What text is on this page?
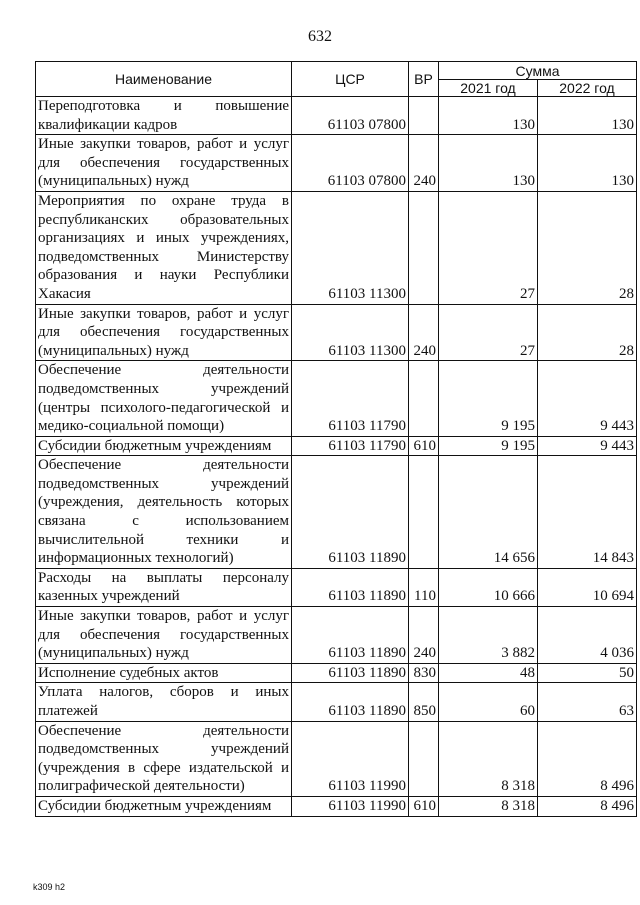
632
Наименование	ЦСР	ВР	Сумма	
			2021 год	2022 год
Переподготовка и повышение квалификации кадров	61103 07800		130	130
Иные закупки товаров, работ и услуг для обеспечения государственных (муниципальных) нужд	61103 07800	240	130	130
Мероприятия по охране труда в республиканских образовательных организациях и иных учреждениях, подведомственных Министерству образования и науки Республики Хакасия	61103 11300		27	28
Иные закупки товаров, работ и услуг для обеспечения государственных (муниципальных) нужд	61103 11300	240	27	28
Обеспечение деятельности подведомственных учреждений (центры психолого-педагогической и медико-социальной помощи)	61103 11790		9 195	9 443
Субсидии бюджетным учреждениям	61103 11790	610	9 195	9 443
Обеспечение деятельности подведомственных учреждений (учреждения, деятельность которых связана с использованием вычислительной техники и информационных технологий)	61103 11890		14 656	14 843
Расходы на выплаты персоналу казенных учреждений	61103 11890	110	10 666	10 694
Иные закупки товаров, работ и услуг для обеспечения государственных (муниципальных) нужд	61103 11890	240	3 882	4 036
Исполнение судебных актов	61103 11890	830	48	50
Уплата налогов, сборов и иных платежей	61103 11890	850	60	63
Обеспечение деятельности подведомственных учреждений (учреждения в сфере издательской и полиграфической деятельности)	61103 11990		8 318	8 496
Субсидии бюджетным учреждениям	61103 11990	610	8 318	8 496
k309 h2
